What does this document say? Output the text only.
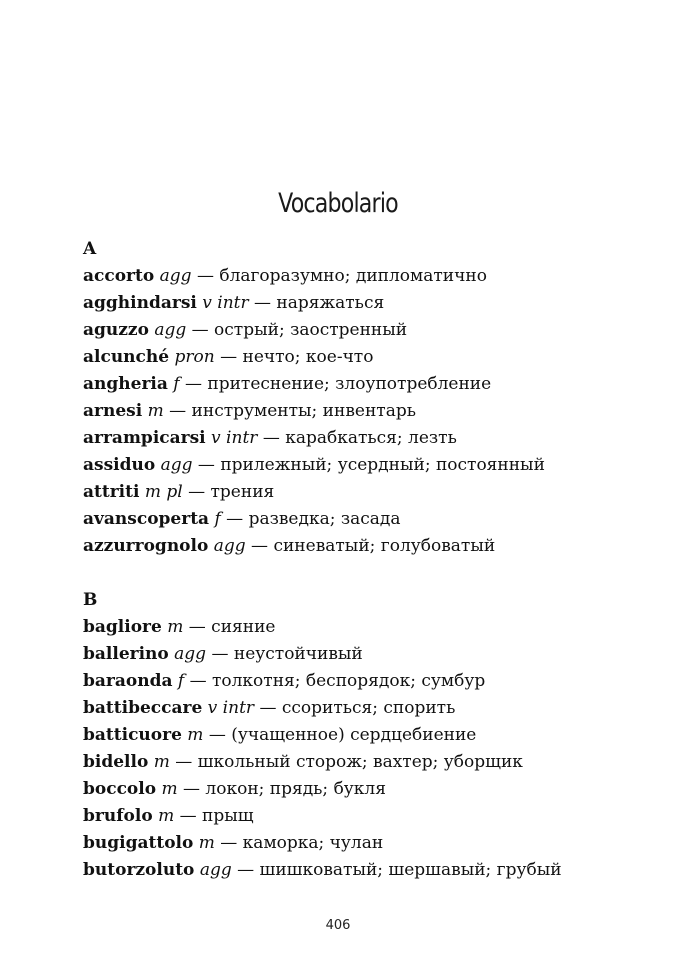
Vocabolario
A
accorto agg — благоразумно; дипломатично
agghindarsi v intr — наряжаться
aguzzo agg — острый; заостренный
alcunché pron — нечто; кое-что
angheria f — притеснение; злоупотребление
arnesi m — инструменты; инвентарь
arrampicarsi v intr — карабкаться; лезть
assiduo agg — прилежный; усердный; постоянный
attriti m pl — трения
avanscoperta f — разведка; засада
azzurrognolo agg — синеватый; голубоватый
B
bagliore m — сияние
ballerino agg — неустойчивый
baraonda f — толкотня; беспорядок; сумбур
battibeccare v intr — ссориться; спорить
batticuore m — (учащенное) сердцебиение
bidello m — школьный сторож; вахтер; уборщик
boccolo m — локон; прядь; букля
brufolo m — прыщ
bugigattolo m — каморка; чулан
butorzoluto agg — шишковатый; шершавый; грубый
406
